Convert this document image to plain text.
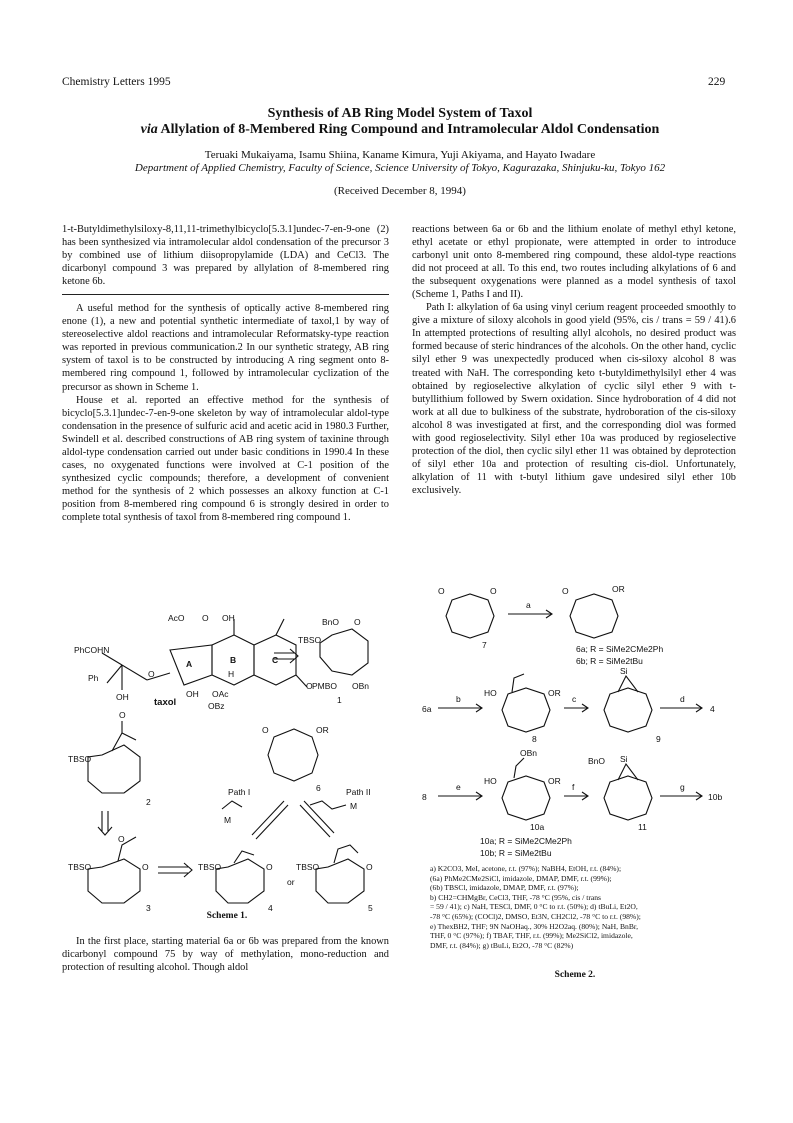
Chemistry Letters 1995	229
Synthesis of AB Ring Model System of Taxol
via Allylation of 8-Membered Ring Compound and Intramolecular Aldol Condensation
Teruaki Mukaiyama, Isamu Shiina, Kaname Kimura, Yuji Akiyama, and Hayato Iwadare
Department of Applied Chemistry, Faculty of Science, Science University of Tokyo, Kagurazaka, Shinjuku-ku, Tokyo 162
(Received December 8, 1994)

1-t-Butyldimethylsiloxy-8,11,11-trimethylbicyclo[5.3.1]undec-7-en-9-one (2) has been synthesized via intramolecular aldol condensation of the precursor 3 by combined use of lithium diisopropylamide (LDA) and CeCl3. The dicarbonyl compound 3 was prepared by allylation of 8-membered ring ketone 6b.

A useful method for the synthesis of optically active 8-membered ring enone (1), a new and potential synthetic intermediate of taxol,1 by way of stereoselective aldol reactions and intramolecular Reformatsky-type reaction was reported in previous communication.2 In our synthetic strategy, AB ring system of taxol is to be constructed by introducing A ring segment onto 8-membered ring compound 1, followed by intramolecular cyclization of the precursor as shown in Scheme 1.

House et al. reported an effective method for the synthesis of bicyclo[5.3.1]undec-7-en-9-one skeleton by way of intramolecular aldol-type condensation in the presence of sulfuric acid and acetic acid in 1980.3 Further, Swindell et al. described constructions of AB ring system of taxinine through aldol-type condensation carried out under basic conditions in 1990.4 In these cases, no oxygenated functions were involved at C-1 position of the synthesized cyclic compounds; therefore, a development of convenient method for the synthesis of 2 which possesses an alkoxy function at C-1 position from 8-membered ring compound 6 is strongly desired in order to complete total synthesis of taxol from 8-membered ring compound 1.

In the first place, starting material 6a or 6b was prepared from the known dicarbonyl compound 75 by way of methylation, mono-reduction and protection of resulting alcohol. Though aldol

reactions between 6a or 6b and the lithium enolate of methyl ethyl ketone, ethyl acetate or ethyl propionate, were attempted in order to introduce carbonyl unit onto 8-membered ring compound, these aldol-type reactions did not proceed at all. To this end, two routes including alkylations of 6 and the subsequent oxygenations were planned as a model synthesis of taxol (Scheme 1, Paths I and II).

Path I: alkylation of 6a using vinyl cerium reagent proceeded smoothly to give a mixture of siloxy alcohols in good yield (95%, cis / trans = 59 / 41).6 In attempted protections of resulting allyl alcohols, no desired product was formed because of steric hindrances of the alcohols. On the other hand, cyclic silyl ether 9 was unexpectedly produced when cis-siloxy alcohol 8 was treated with NaH. The corresponding keto t-butyldimethylsilyl ether 4 was obtained by regioselective alkylation of cyclic silyl ether 9 with t-butyllithium followed by Swern oxidation. Since hydroboration of 4 did not work at all due to bulkiness of the substrate, hydroboration of the cis-siloxy alcohol 8 was investigated at first, and the corresponding diol was formed with good regioselectivity. Silyl ether 10a was produced by regioselective protection of the diol, then cyclic silyl ether 11 was obtained by deprotection of silyl ether 10a and protection of resulting cis-diol. Unfortunately, alkylation of 11 with t-butyl lithium gave undesired silyl ether 10b exclusively.

AcO O OH
PhCOHN
Ph
OH
O
OH OAc
OBz
H
A	B	C
O
taxol
BnO O
TBSO
PMBO OBn
1
O
TBSO
2
O	OR
6
Path I	Path II
M
M
O
TBSO	O
3
TBSO	O
4
or
TBSO	O
5
Scheme 1.
O	O
7
a
O	OR
6a; R = SiMe2CMe2Ph
6b; R = SiMe2tBu
6a
b
HO	OR
8
c
Si
9
d
4
8
e
OBn
HO	OR
10a
f
Si
BnO
11
g
10b
10a; R = SiMe2CMe2Ph
10b; R = SiMe2tBu
a) K2CO3, MeI, acetone, r.t. (97%); NaBH4, EtOH, r.t. (84%);
(6a) PhMe2CMe2SiCl, imidazole, DMAP, DMF, r.t. (99%);
(6b) TBSCl, imidazole, DMAP, DMF, r.t. (97%);
b) CH2=CHMgBr, CeCl3, THF, -78 °C (95%, cis / trans
= 59 / 41); c) NaH, TESCl, DMF, 0 °C to r.t. (50%); d) tBuLi, Et2O,
-78 °C (65%); (COCl)2, DMSO, Et3N, CH2Cl2, -78 °C to r.t. (98%);
e) ThexBH2, THF; 9N NaOHaq., 30% H2O2aq. (80%); NaH, BnBr,
THF, 0 °C (97%); f) TBAF, THF, r.t. (99%); Me2SiCl2, imidazole,
DMF, r.t. (84%); g) tBuLi, Et2O, -78 °C (82%)
Scheme 2.
